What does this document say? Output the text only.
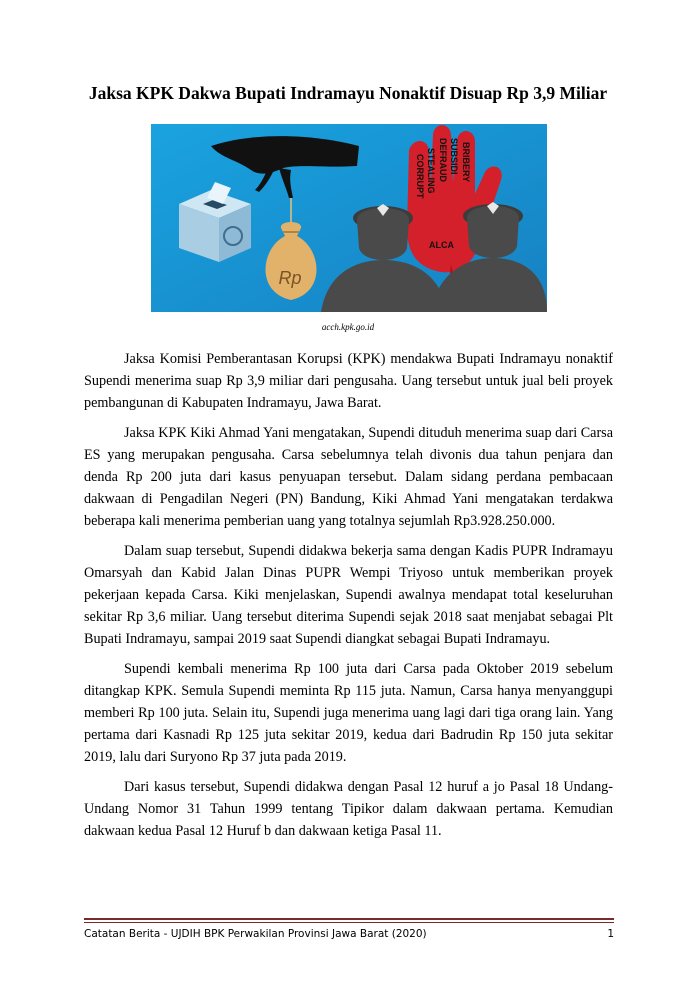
Jaksa KPK Dakwa Bupati Indramayu Nonaktif Disuap Rp 3,9 Miliar
Rp
CORRUPT STEALING DEFRAUD SUBSIDI BRIBERY
ALCA
acch.kpk.go.id

Jaksa Komisi Pemberantasan Korupsi (KPK) mendakwa Bupati Indramayu nonaktif Supendi menerima suap Rp 3,9 miliar dari pengusaha. Uang tersebut untuk jual beli proyek pembangunan di Kabupaten Indramayu, Jawa Barat.

Jaksa KPK Kiki Ahmad Yani mengatakan, Supendi dituduh menerima suap dari Carsa ES yang merupakan pengusaha. Carsa sebelumnya telah divonis dua tahun penjara dan denda Rp 200 juta dari kasus penyuapan tersebut. Dalam sidang perdana pembacaan dakwaan di Pengadilan Negeri (PN) Bandung, Kiki Ahmad Yani mengatakan terdakwa beberapa kali menerima pemberian uang yang totalnya sejumlah Rp3.928.250.000.

Dalam suap tersebut, Supendi didakwa bekerja sama dengan Kadis PUPR Indramayu Omarsyah dan Kabid Jalan Dinas PUPR Wempi Triyoso untuk memberikan proyek pekerjaan kepada Carsa. Kiki menjelaskan, Supendi awalnya mendapat total keseluruhan sekitar Rp 3,6 miliar. Uang tersebut diterima Supendi sejak 2018 saat menjabat sebagai Plt Bupati Indramayu, sampai 2019 saat Supendi diangkat sebagai Bupati Indramayu.

Supendi kembali menerima Rp 100 juta dari Carsa pada Oktober 2019 sebelum ditangkap KPK. Semula Supendi meminta Rp 115 juta. Namun, Carsa hanya menyanggupi memberi Rp 100 juta. Selain itu, Supendi juga menerima uang lagi dari tiga orang lain. Yang pertama dari Kasnadi Rp 125 juta sekitar 2019, kedua dari Badrudin Rp 150 juta sekitar 2019, lalu dari Suryono Rp 37 juta pada 2019.

Dari kasus tersebut, Supendi didakwa dengan Pasal 12 huruf a jo Pasal 18 Undang-Undang Nomor 31 Tahun 1999 tentang Tipikor dalam dakwaan pertama. Kemudian dakwaan kedua Pasal 12 Huruf b dan dakwaan ketiga Pasal 11.

Catatan Berita - UJDIH BPK Perwakilan Provinsi Jawa Barat (2020)	1
